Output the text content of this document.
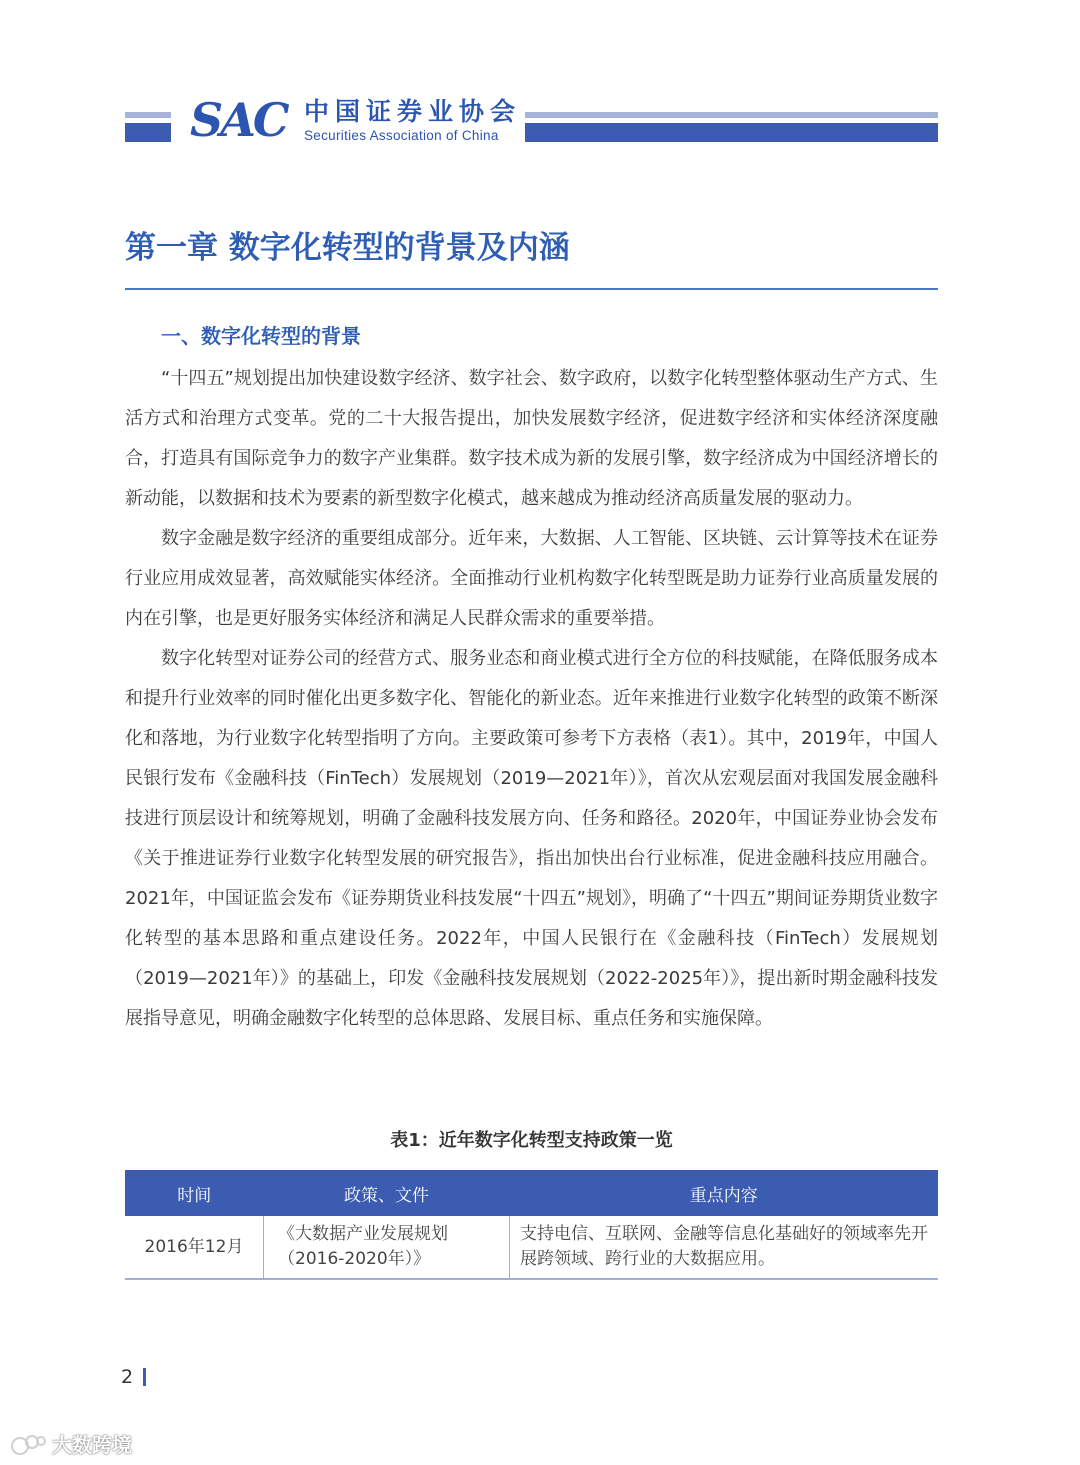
SAC 中国证券业协会
Securities Association of China
第一章 数字化转型的背景及内涵
一、数字化转型的背景

“十四五”规划提出加快建设数字经济、数字社会、数字政府，以数字化转型整体驱动生产方式、生活方式和治理方式变革。党的二十大报告提出，加快发展数字经济，促进数字经济和实体经济深度融合，打造具有国际竞争力的数字产业集群。数字技术成为新的发展引擎，数字经济成为中国经济增长的新动能，以数据和技术为要素的新型数字化模式，越来越成为推动经济高质量发展的驱动力。

数字金融是数字经济的重要组成部分。近年来，大数据、人工智能、区块链、云计算等技术在证券行业应用成效显著，高效赋能实体经济。全面推动行业机构数字化转型既是助力证券行业高质量发展的内在引擎，也是更好服务实体经济和满足人民群众需求的重要举措。

数字化转型对证券公司的经营方式、服务业态和商业模式进行全方位的科技赋能，在降低服务成本和提升行业效率的同时催化出更多数字化、智能化的新业态。近年来推进行业数字化转型的政策不断深化和落地，为行业数字化转型指明了方向。主要政策可参考下方表格（表1）。其中，2019年，中国人民银行发布《金融科技（FinTech）发展规划（2019—2021年）》，首次从宏观层面对我国发展金融科技进行顶层设计和统筹规划，明确了金融科技发展方向、任务和路径。2020年，中国证券业协会发布《关于推进证券行业数字化转型发展的研究报告》，指出加快出台行业标准，促进金融科技应用融合。2021年，中国证监会发布《证券期货业科技发展“十四五”规划》，明确了“十四五”期间证券期货业数字化转型的基本思路和重点建设任务。2022年，中国人民银行在《金融科技（FinTech）发展规划（2019—2021年）》的基础上，印发《金融科技发展规划（2022-2025年）》，提出新时期金融科技发展指导意见，明确金融数字化转型的总体思路、发展目标、重点任务和实施保障。

表1：近年数字化转型支持政策一览
时间	政策、文件	重点内容
2016年12月	《大数据产业发展规划（2016-2020年）》	支持电信、互联网、金融等信息化基础好的领域率先开展跨领域、跨行业的大数据应用。
2
大数跨境
